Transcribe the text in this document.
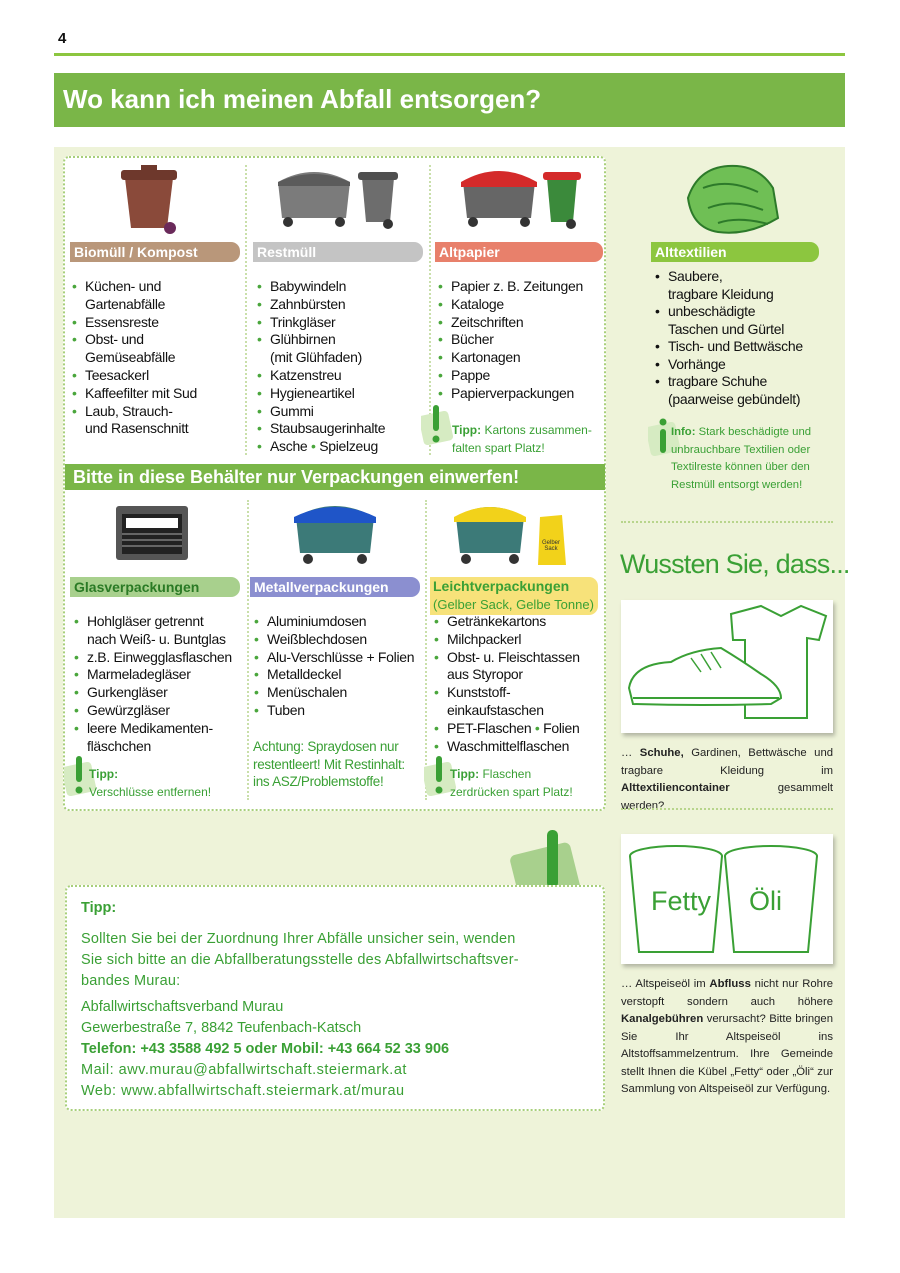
4
Wo kann ich meinen Abfall entsorgen?
Biomüll / Kompost	Restmüll	Altpapier
• Küchen- und
Gartenabfälle
• Essensreste
• Obst- und
Gemüseabfälle
• Teesackerl
• Kaffeefilter mit Sud
• Laub, Strauch-
und Rasenschnitt
• Babywindeln
• Zahnbürsten
• Trinkgläser
• Glühbirnen
(mit Glühfaden)
• Katzenstreu
• Hygieneartikel
• Gummi
• Staubsaugerinhalte
• Asche • Spielzeug
• Papier z. B. Zeitungen
• Kataloge
• Zeitschriften
• Bücher
• Kartonagen
• Pappe
• Papierverpackungen
Tipp: Kartons zusammen-
falten spart Platz!
Bitte in diese Behälter nur Verpackungen einwerfen!
Gelber Sack
Glasverpackungen	Metallverpackungen	Leichtverpackungen
(Gelber Sack, Gelbe Tonne)
• Hohlgläser getrennt
nach Weiß- u. Buntglas
• z.B. Einwegglasflaschen
• Marmeladegläser
• Gurkengläser
• Gewürzgläser
• leere Medikamenten-
fläschchen
• Aluminiumdosen
• Weißblechdosen
• Alu-Verschlüsse + Folien
• Metalldeckel
• Menüschalen
• Tuben
Achtung: Spraydosen nur
restentleert! Mit Restinhalt:
ins ASZ/Problemstoffe!
• Getränkekartons
• Milchpackerl
• Obst- u. Fleischtassen
aus Styropor
• Kunststoff-
einkaufstaschen
• PET-Flaschen • Folien
• Waschmittelflaschen
Tipp:
Verschlüsse entfernen!
Tipp: Flaschen
zerdrücken spart Platz!
Tipp:
Sollten Sie bei der Zuordnung Ihrer Abfälle unsicher sein, wenden
Sie sich bitte an die Abfallberatungsstelle des Abfallwirtschaftsver-
bandes Murau:
Abfallwirtschaftsverband Murau
Gewerbestraße 7, 8842 Teufenbach-Katsch
Telefon: +43 3588 492 5 oder Mobil: +43 664 52 33 906
Mail: awv.murau@abfallwirtschaft.steiermark.at
Web: www.abfallwirtschaft.steiermark.at/murau
Alttextilien
• Saubere,
tragbare Kleidung
• unbeschädigte
Taschen und Gürtel
• Tisch- und Bettwäsche
• Vorhänge
• tragbare Schuhe
(paarweise gebündelt)
Info: Stark beschädigte und
unbrauchbare Textilien oder
Textilreste können über den
Restmüll entsorgt werden!
Wussten Sie, dass...
… Schuhe, Gardinen, Bettwäsche und tragbare Kleidung im Alttextiliencontainer gesammelt werden?
Fetty Öli
… Altspeiseöl im Abfluss nicht nur Rohre verstopft sondern auch höhere Kanalgebühren verursacht? Bitte bringen Sie Ihr Altspeiseöl ins Altstoffsammelzentrum. Ihre Gemeinde stellt Ihnen die Kübel „Fetty“ oder „Öli“ zur Sammlung von Altspeiseöl zur Verfügung.
